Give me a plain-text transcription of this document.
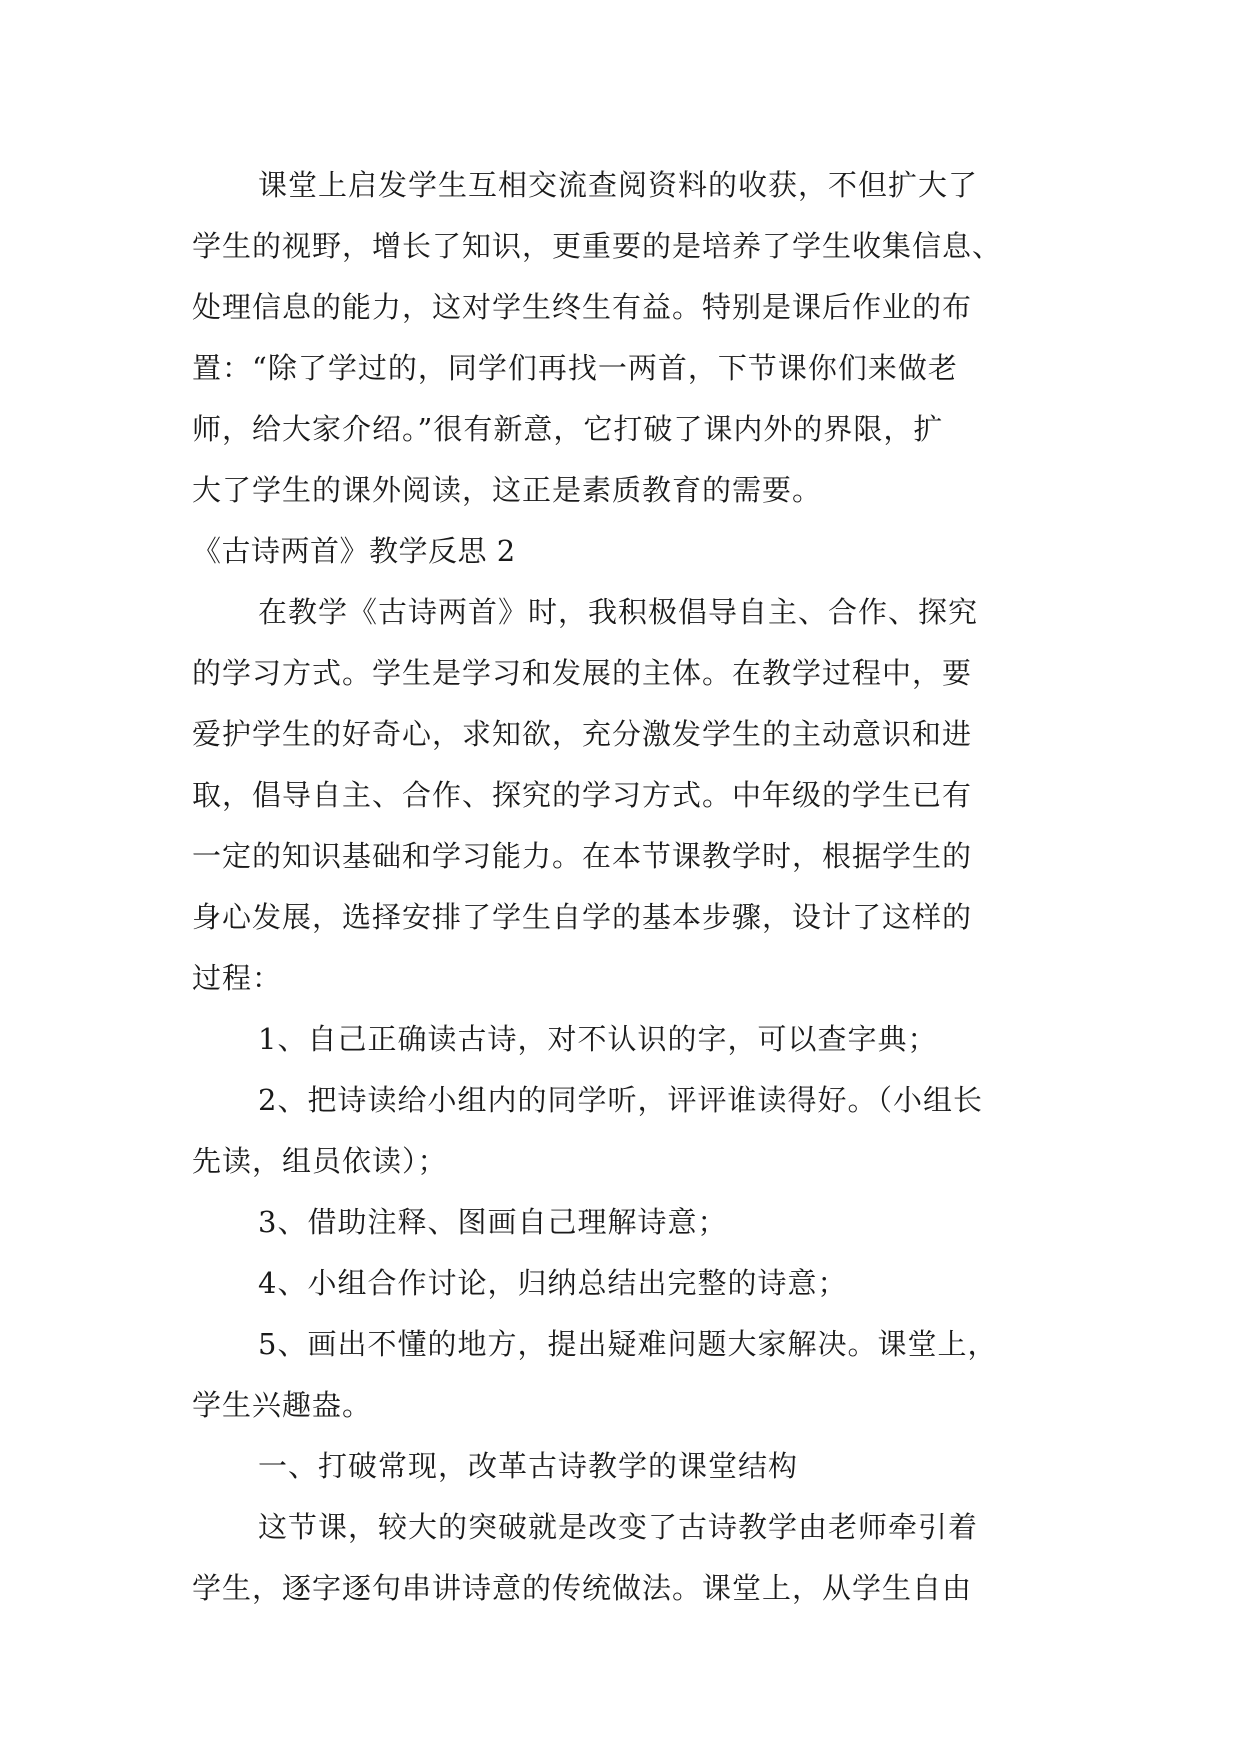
课堂上启发学生互相交流查阅资料的收获，不但扩大了
学生的视野，增长了知识，更重要的是培养了学生收集信息、
处理信息的能力，这对学生终生有益。特别是课后作业的布
置：“除了学过的，同学们再找一两首，下节课你们来做老
师，给大家介绍。”很有新意，它打破了课内外的界限，扩
大了学生的课外阅读，这正是素质教育的需要。
《古诗两首》教学反思 2
在教学《古诗两首》时，我积极倡导自主、合作、探究
的学习方式。学生是学习和发展的主体。在教学过程中，要
爱护学生的好奇心，求知欲，充分激发学生的主动意识和进
取，倡导自主、合作、探究的学习方式。中年级的学生已有
一定的知识基础和学习能力。在本节课教学时，根据学生的
身心发展，选择安排了学生自学的基本步骤，设计了这样的
过程：
1、自己正确读古诗，对不认识的字，可以查字典；
2、把诗读给小组内的同学听，评评谁读得好。（小组长
先读，组员依读）；
3、借助注释、图画自己理解诗意；
4、小组合作讨论，归纳总结出完整的诗意；
5、画出不懂的地方，提出疑难问题大家解决。课堂上，
学生兴趣盎。
一、打破常现，改革古诗教学的课堂结构
这节课，较大的突破就是改变了古诗教学由老师牵引着
学生，逐字逐句串讲诗意的传统做法。课堂上，从学生自由
